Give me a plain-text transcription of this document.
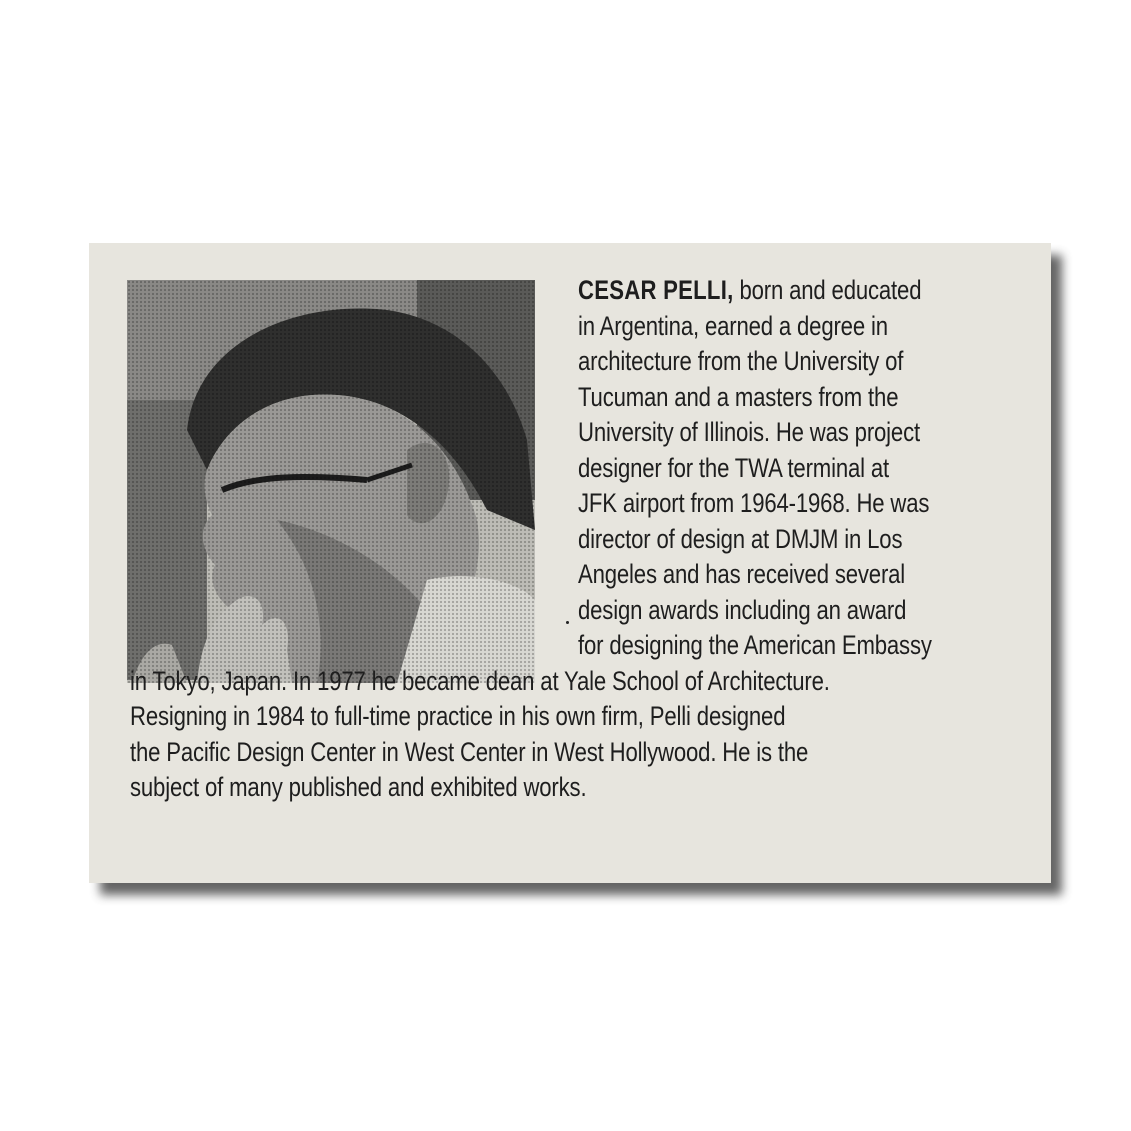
CESAR PELLI, born and educated

in Argentina, earned a degree in

architecture from the University of

Tucuman and a masters from the

University of Illinois. He was project

designer for the TWA terminal at

JFK airport from 1964-1968. He was

director of design at DMJM in Los

Angeles and has received several

design awards including an award

for designing the American Embassy

in Tokyo, Japan. In 1977 he became dean at Yale School of Architecture.

Resigning in 1984 to full-time practice in his own firm, Pelli designed

the Pacific Design Center in West Center in West Hollywood. He is the

subject of many published and exhibited works.
